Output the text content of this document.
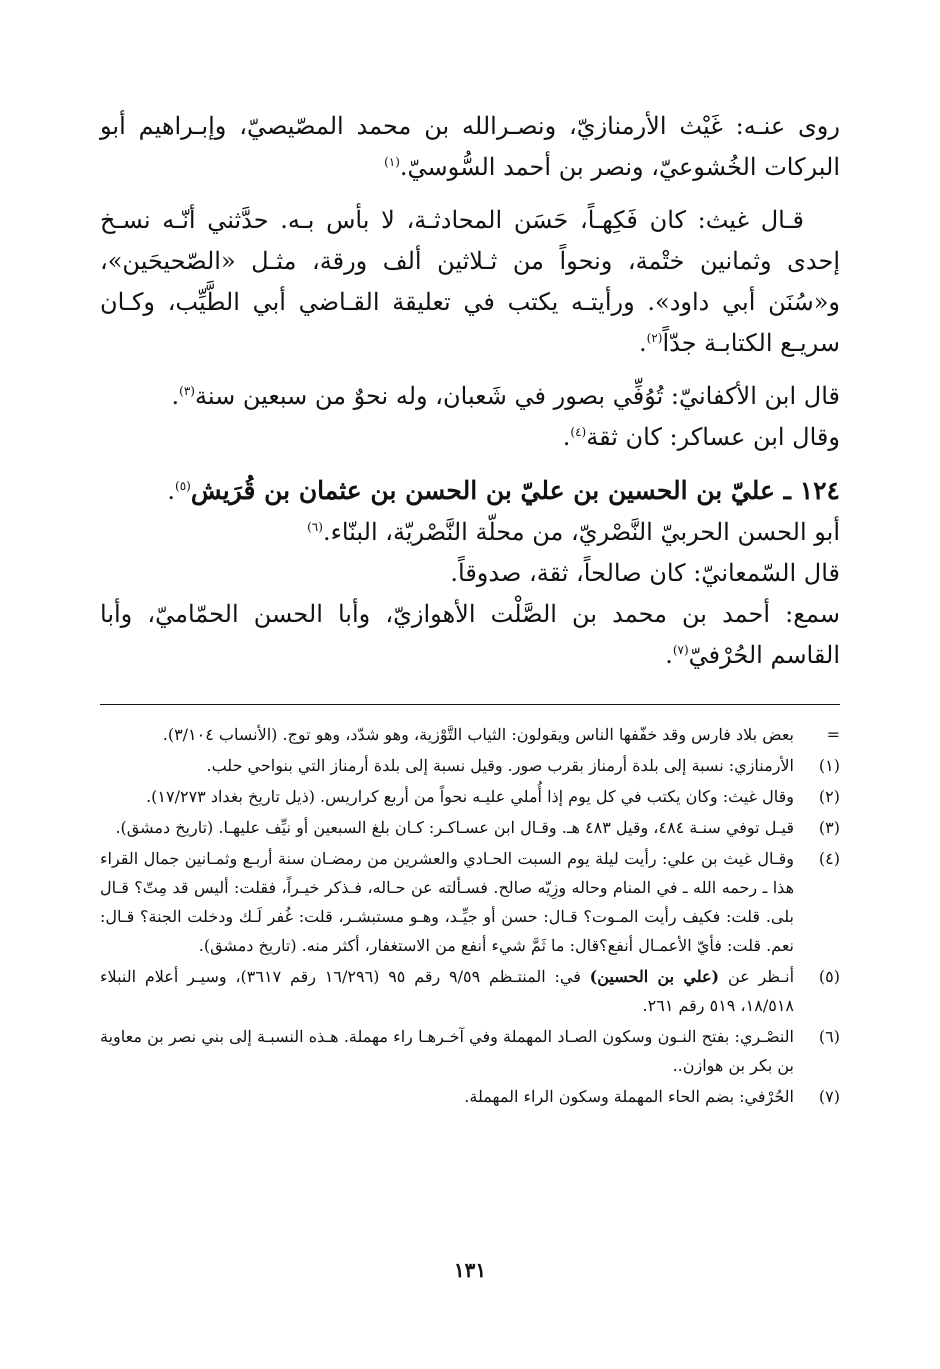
روى عنـه: غَيْث الأرمنازيّ، ونصـرالله بن محمد المصّيصيّ، وإبـراهيم أبو البركات الخُشوعيّ، ونصر بن أحمد السُّوسيّ.$^{(١)}$

قـال غيث: كان فَكِهـاً، حَسَن المحادثـة، لا بأس بـه. حدَّثني أنّـه نسـخ إحدى وثمانين ختْمة، ونحواً من ثـلاثين ألف ورقة، مثـل «الصّحيحَين»، و«سُنَن أبي داود». ورأيتـه يكتب في تعليقة القـاضي أبي الطَّيِّب، وكـان سريـع الكتابـة جدّاً$^{(٢)}$.

قال ابن الأكفانيّ: تُوُفِّي بصور في شَعبان، وله نحوٌ من سبعين سنة$^{(٣)}$.

وقال ابن عساكر: كان ثقة$^{(٤)}$.

١٢٤ ـ عليّ بن الحسين بن عليّ بن الحسن بن عثمان بن قُرَيش$^{(٥)}$.

أبو الحسن الحربيّ النَّصْريّ، من محلّة النَّصْريّة، البنّاء.$^{(٦)}$

قال السّمعانيّ: كان صالحاً، ثقة، صدوقاً.

سمع: أحمد بن محمد بن الصَّلْت الأهوازيّ، وأبا الحسن الحمّاميّ، وأبا القاسم الحُرْفيّ$^{(٧)}$.

=
بعض بلاد فارس وقد خفّفها الناس ويقولون: الثياب التَّوْزية، وهو شدّد، وهو توج. (الأنساب ٣/١٠٤).
(١)
الأرمنازي: نسبة إلى بلدة أرمناز بقرب صور. وقيل نسبة إلى بلدة أرمناز التي بنواحي حلب.
(٢)
وقال غيث: وكان يكتب في كل يوم إذا أُملي عليـه نحواً من أربع كراريس. (ذيل تاريخ بغداد ١٧/٢٧٣).
(٣)
قيـل توفي سنـة ٤٨٤، وقيل ٤٨٣ هـ. وقـال ابن عسـاكـر: كـان بلغ السبعين أو نيِّف عليهـا. (تاريخ دمشق).
(٤)
وقـال غيث بن علي: رأيت ليلة يوم السبت الحـادي والعشرين من رمضـان سنة أربـع وثمـانين جمال القراء هذا ـ رحمه الله ـ في المنام وحاله وزِيّه صالح. فسـألته عن حـاله، فـذكر خيـراً، فقلت: أليس قد مِتّ؟ قـال بلى. قلت: فكيف رأيت المـوت؟ قـال: حسن أو جيِّـد، وهـو مستبشـر، قلت: غُفر لَـك ودخلت الجنة؟ قـال: نعم. قلت: فأيّ الأعمـال أنفع؟قال: ما ثَمَّ شيء أنفع من الاستغفار، أكثر منه. (تاريخ دمشق).
(٥)
أنـظر عن (علي بن الحسين) في: المنتـظم ٩/٥٩ رقم ٩٥ (١٦/٢٩٦ رقم ٣٦١٧)، وسيـر أعلام النبلاء ١٨/٥١٨، ٥١٩ رقم ٢٦١.
(٦)
النصْـري: بفتح النـون وسكون الصـاد المهملة وفي آخـرهـا راء مهملة. هـذه النسبـة إلى بني نصر بن معاوية بن بكر بن هوازن..
(٧)
الحُرْفي: بضم الحاء المهملة وسكون الراء المهملة.
١٣١
